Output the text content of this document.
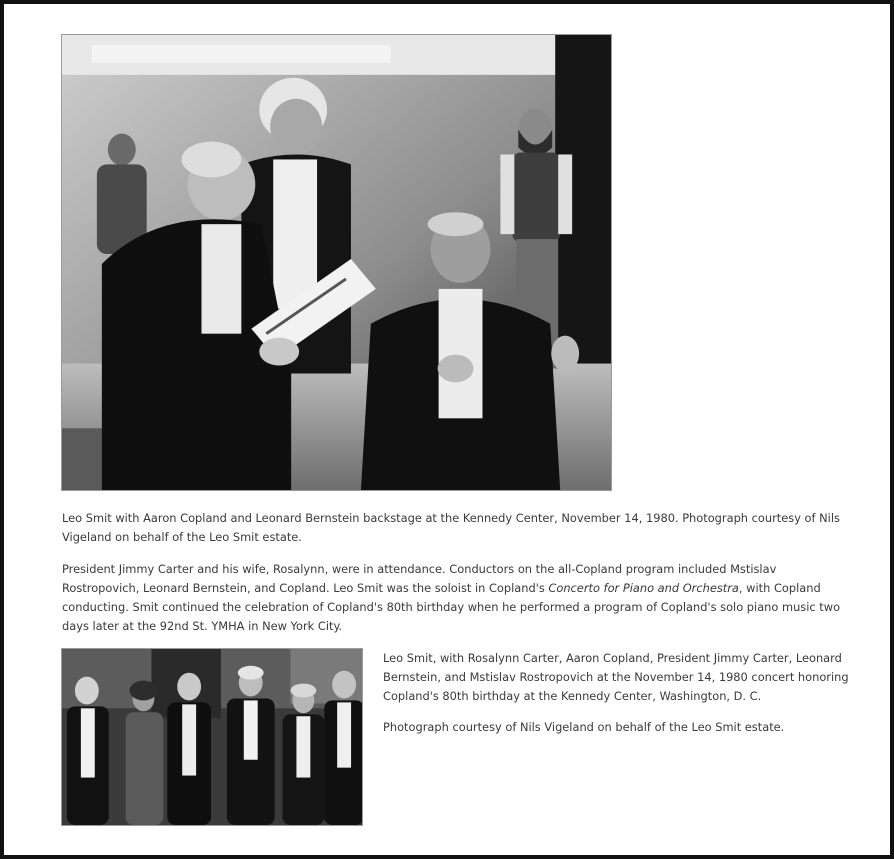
Leo Smit with Aaron Copland and Leonard Bernstein backstage at the Kennedy Center, November 14, 1980. Photograph courtesy of Nils Vigeland on behalf of the Leo Smit estate.

President Jimmy Carter and his wife, Rosalynn, were in attendance. Conductors on the all-Copland program included Mstislav Rostropovich, Leonard Bernstein, and Copland. Leo Smit was the soloist in Copland's Concerto for Piano and Orchestra, with Copland conducting. Smit continued the celebration of Copland's 80th birthday when he performed a program of Copland's solo piano music two days later at the 92nd St. YMHA in New York City.

Leo Smit, with Rosalynn Carter, Aaron Copland, President Jimmy Carter, Leonard Bernstein, and Mstislav Rostropovich at the November 14, 1980 concert honoring Copland's 80th birthday at the Kennedy Center, Washington, D. C.

Photograph courtesy of Nils Vigeland on behalf of the Leo Smit estate.
